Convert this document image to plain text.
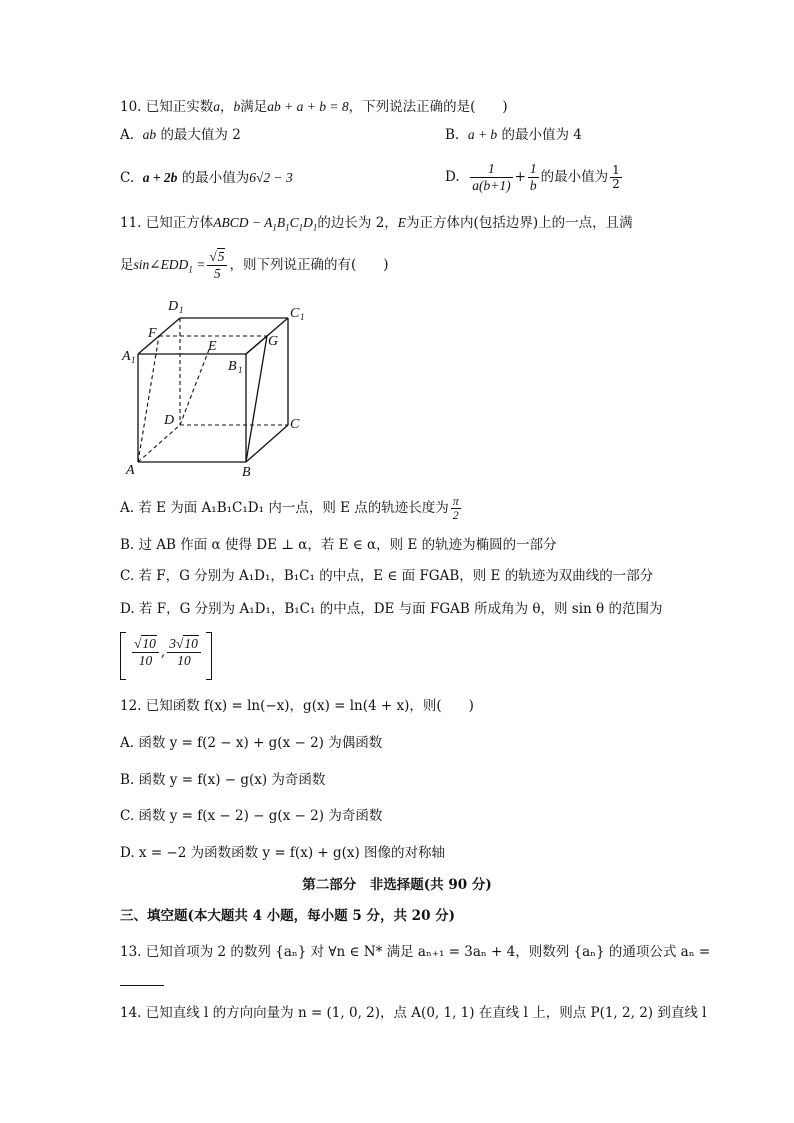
10. 已知正实数a，b满足ab + a + b = 8，下列说法正确的是(　　)
A. ab 的最大值为 2	B. a + b 的最小值为 4
C. a + 2b 的最小值为6√2 − 3	D. $\frac{1}{a(b+1)} + \frac{1}{b}$ 的最小值为 $\frac{1}{2}$
11. 已知正方体ABCD − $A_1B_1C_1D_1$的边长为 2，E为正方体内(包括边界)上的一点，且满
足$\sin\angle EDD_1 = \frac{√5}{5}$ ，则下列说正确的有(　　)
D 1	C 1
F
G
E
A 1	B 1
D	C
A	B
A. 若 E 为面 A₁B₁C₁D₁ 内一点，则 E 点的轨迹长度为 $\frac{\pi}{2}$
B. 过 AB 作面 α 使得 DE ⊥ α，若 E ∈ α，则 E 的轨迹为椭圆的一部分
C. 若 F，G 分别为 A₁D₁，B₁C₁ 的中点，E ∈ 面 FGAB，则 E 的轨迹为双曲线的一部分
D. 若 F，G 分别为 A₁D₁，B₁C₁ 的中点，DE 与面 FGAB 所成角为 θ，则 sin θ 的范围为
$\frac{√10}{10}$ , $\frac{3√10}{10}$
12. 已知函数 f(x) = ln(−x)，g(x) = ln(4 + x)，则(　　)
A. 函数 y = f(2 − x) + g(x − 2) 为偶函数
B. 函数 y = f(x) − g(x) 为奇函数
C. 函数 y = f(x − 2) − g(x − 2) 为奇函数
D. x = −2 为函数函数 y = f(x) + g(x) 图像的对称轴
第二部分　非选择题(共 90 分)
三、填空题(本大题共 4 小题，每小题 5 分，共 20 分)
13. 已知首项为 2 的数列 {aₙ} 对 ∀n ∈ N* 满足 aₙ₊₁ = 3aₙ + 4，则数列 {aₙ} 的通项公式 aₙ =
14. 已知直线 l 的方向向量为 n = (1, 0, 2)，点 A(0, 1, 1) 在直线 l 上，则点 P(1, 2, 2) 到直线 l
